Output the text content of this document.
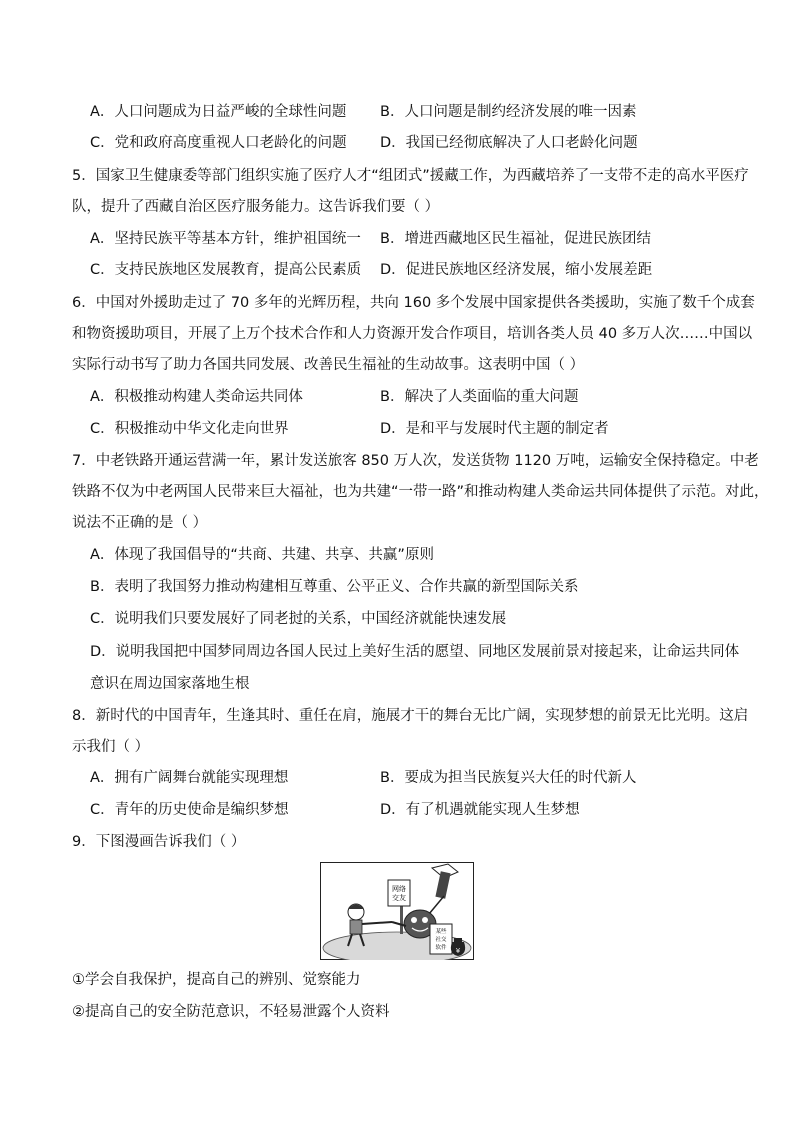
A．人口问题成为日益严峻的全球性问题 B．人口问题是制约经济发展的唯一因素
C．党和政府高度重视人口老龄化的问题 D．我国已经彻底解决了人口老龄化问题
5．国家卫生健康委等部门组织实施了医疗人才“组团式”援藏工作，为西藏培养了一支带不走的高水平医疗
队，提升了西藏自治区医疗服务能力。这告诉我们要（ ）
A．坚持民族平等基本方针，维护祖国统一 B．增进西藏地区民生福祉，促进民族团结
C．支持民族地区发展教育，提高公民素质 D．促进民族地区经济发展，缩小发展差距
6．中国对外援助走过了 70 多年的光辉历程，共向 160 多个发展中国家提供各类援助，实施了数千个成套
和物资援助项目，开展了上万个技术合作和人力资源开发合作项目，培训各类人员 40 多万人次……中国以
实际行动书写了助力各国共同发展、改善民生福祉的生动故事。这表明中国（ ）
A．积极推动构建人类命运共同体	B．解决了人类面临的重大问题
C．积极推动中华文化走向世界	D．是和平与发展时代主题的制定者
7．中老铁路开通运营满一年，累计发送旅客 850 万人次，发送货物 1120 万吨，运输安全保持稳定。中老
铁路不仅为中老两国人民带来巨大福祉，也为共建“一带一路”和推动构建人类命运共同体提供了示范。对此，
说法不正确的是（ ）
A．体现了我国倡导的“共商、共建、共享、共赢”原则
B．表明了我国努力推动构建相互尊重、公平正义、合作共赢的新型国际关系
C．说明我们只要发展好了同老挝的关系，中国经济就能快速发展
D．说明我国把中国梦同周边各国人民过上美好生活的愿望、同地区发展前景对接起来，让命运共同体
意识在周边国家落地生根
8．新时代的中国青年，生逢其时、重任在肩，施展才干的舞台无比广阔，实现梦想的前景无比光明。这启
示我们（ ）
A．拥有广阔舞台就能实现理想	B．要成为担当民族复兴大任的时代新人
C．青年的历史使命是编织梦想	D．有了机遇就能实现人生梦想
9．下图漫画告诉我们（ ）
网络
交友
某些
社交
软件 ¥
①学会自我保护，提高自己的辨别、觉察能力
②提高自己的安全防范意识，不轻易泄露个人资料
